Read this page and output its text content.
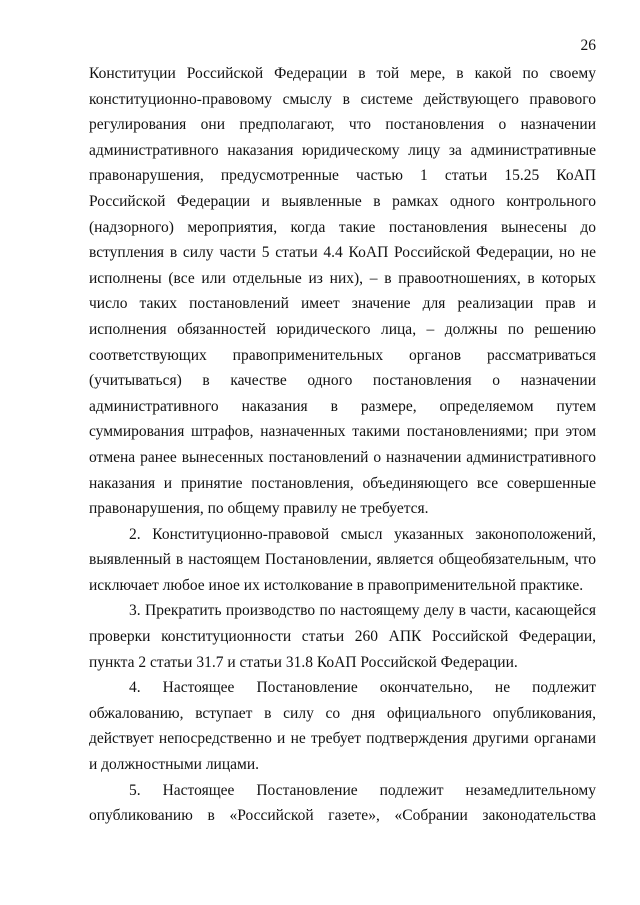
26

Конституции Российской Федерации в той мере, в какой по своему конституционно-правовому смыслу в системе действующего правового регулирования они предполагают, что постановления о назначении административного наказания юридическому лицу за административные правонарушения, предусмотренные частью 1 статьи 15.25 КоАП Российской Федерации и выявленные в рамках одного контрольного (надзорного) мероприятия, когда такие постановления вынесены до вступления в силу части 5 статьи 4.4 КоАП Российской Федерации, но не исполнены (все или отдельные из них), – в правоотношениях, в которых число таких постановлений имеет значение для реализации прав и исполнения обязанностей юридического лица, – должны по решению соответствующих правоприменительных органов рассматриваться (учитываться) в качестве одного постановления о назначении административного наказания в размере, определяемом путем суммирования штрафов, назначенных такими постановлениями; при этом отмена ранее вынесенных постановлений о назначении административного наказания и принятие постановления, объединяющего все совершенные правонарушения, по общему правилу не требуется.

2. Конституционно-правовой смысл указанных законоположений, выявленный в настоящем Постановлении, является общеобязательным, что исключает любое иное их истолкование в правоприменительной практике.

3. Прекратить производство по настоящему делу в части, касающейся проверки конституционности статьи 260 АПК Российской Федерации, пункта 2 статьи 31.7 и статьи 31.8 КоАП Российской Федерации.

4. Настоящее Постановление окончательно, не подлежит обжалованию, вступает в силу со дня официального опубликования, действует непосредственно и не требует подтверждения другими органами и должностными лицами.

5. Настоящее Постановление подлежит незамедлительному опубликованию в «Российской газете», «Собрании законодательства
